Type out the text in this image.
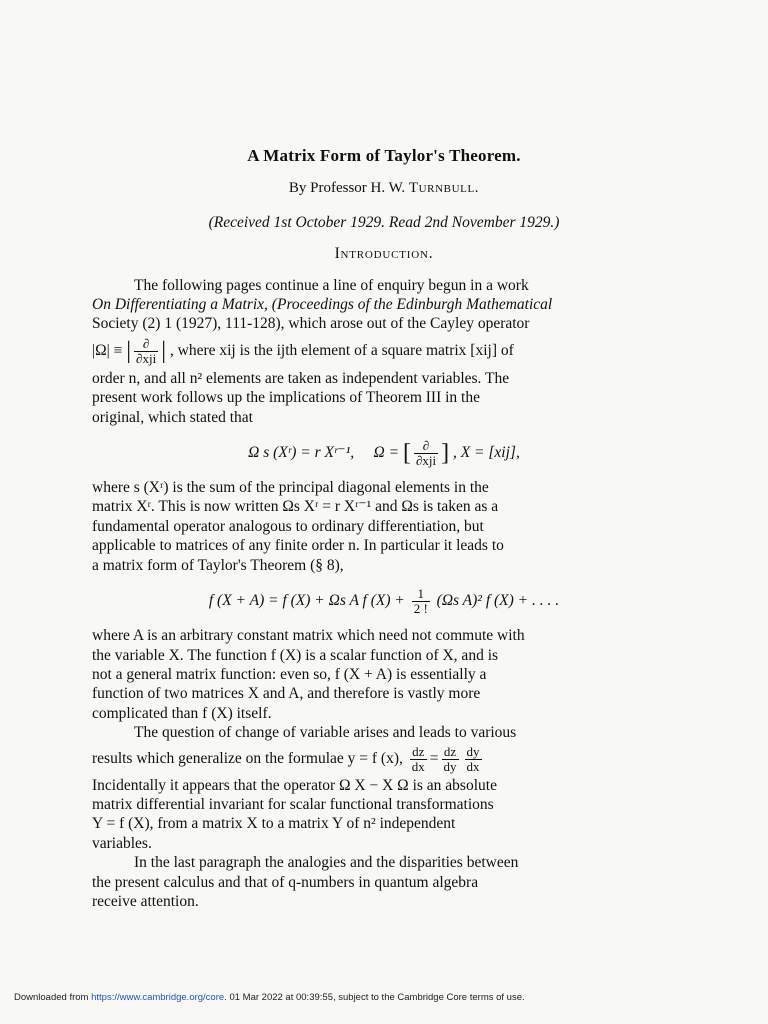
A Matrix Form of Taylor's Theorem.
By Professor H. W. Turnbull.
(Received 1st October 1929. Read 2nd November 1929.)
Introduction.

The following pages continue a line of enquiry begun in a work

On Differentiating a Matrix, (Proceedings of the Edinburgh Mathematical

Society (2) 1 (1927), 111-128), which arose out of the Cayley operator

|Ω| ≡ | $\frac{\partial}{\text{∂xji}}$ | , where xij is the ijth element of a square matrix [xij] of

order n, and all n² elements are taken as independent variables. The

present work follows up the implications of Theorem III in the

original, which stated that

Ω s (Xʳ) = r Xʳ⁻¹, Ω = [ $\frac{\partial}{\text{∂xji}}$ ] , X = [xij],

where s (Xʳ) is the sum of the principal diagonal elements in the

matrix Xʳ. This is now written Ωs Xʳ = r Xʳ⁻¹ and Ωs is taken as a

fundamental operator analogous to ordinary differentiation, but

applicable to matrices of any finite order n. In particular it leads to

a matrix form of Taylor's Theorem (§ 8),

f (X + A) = f (X) + Ωs A f $(X) + \frac{1}{2 !} (\Omega s$ A)² f (X) + . . . .

where A is an arbitrary constant matrix which need not commute with

the variable X. The function f (X) is a scalar function of X, and is

not a general matrix function: even so, f (X + A) is essentially a

function of two matrices X and A, and therefore is vastly more

complicated than f (X) itself.

The question of change of variable arises and leads to various

results which generalize on the formulae y = f (x), $\frac{dz}{dx} = \frac{dz}{dy} \frac{dy}{dx}$

Incidentally it appears that the operator Ω X − X Ω is an absolute

matrix differential invariant for scalar functional transformations

Y = f (X), from a matrix X to a matrix Y of n² independent

variables.

In the last paragraph the analogies and the disparities between

the present calculus and that of q-numbers in quantum algebra

receive attention.

Downloaded from https://www.cambridge.org/core. 01 Mar 2022 at 00:39:55, subject to the Cambridge Core terms of use.
